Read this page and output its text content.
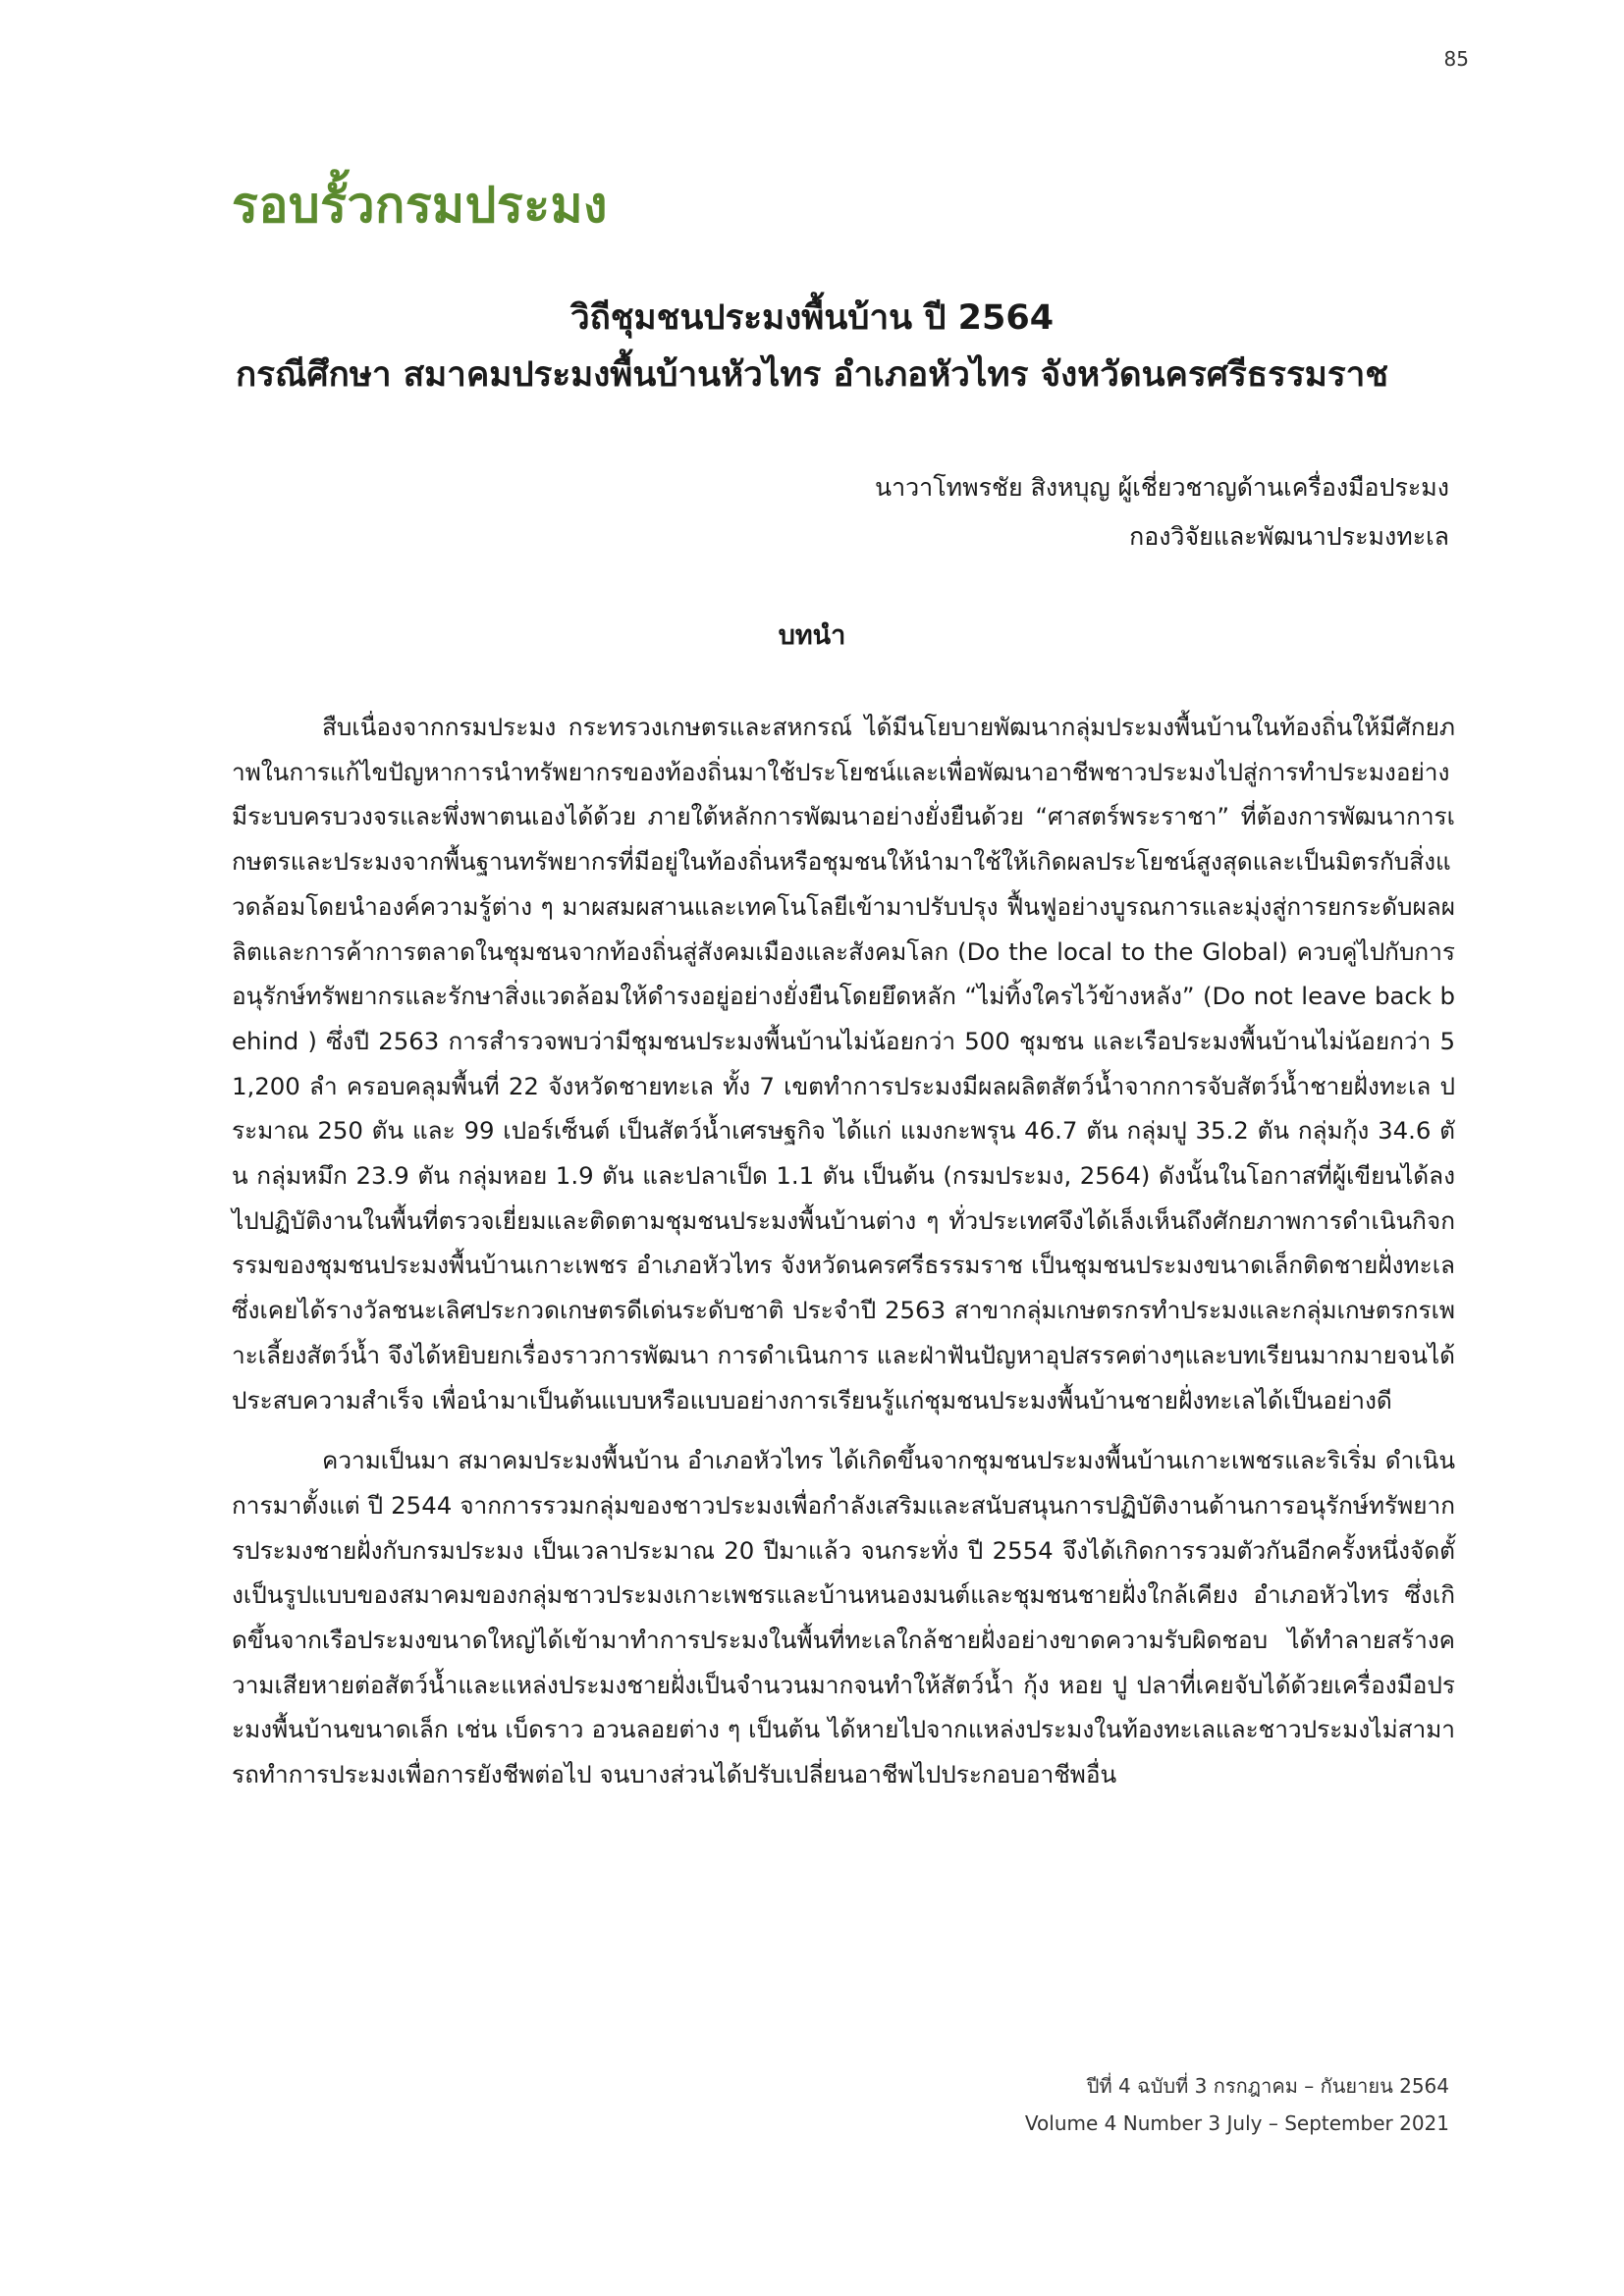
85
รอบรั้วกรมประมง
วิถีชุมชนประมงพื้นบ้าน ปี 2564
กรณีศึกษา สมาคมประมงพื้นบ้านหัวไทร อำเภอหัวไทร จังหวัดนครศรีธรรมราช
นาวาโทพรชัย สิงหบุญ ผู้เชี่ยวชาญด้านเครื่องมือประมง
กองวิจัยและพัฒนาประมงทะเล
บทนำ

สืบเนื่องจากกรมประมง กระทรวงเกษตรและสหกรณ์ ได้มีนโยบายพัฒนากลุ่มประมงพื้นบ้านในท้องถิ่นให้มีศักยภาพในการแก้ไขปัญหาการนำทรัพยากรของท้องถิ่นมาใช้ประโยชน์และเพื่อพัฒนาอาชีพชาวประมงไปสู่การทำประมงอย่างมีระบบครบวงจรและพึ่งพาตนเองได้ด้วย ภายใต้หลักการพัฒนาอย่างยั่งยืนด้วย “ศาสตร์พระราชา” ที่ต้องการพัฒนาการเกษตรและประมงจากพื้นฐานทรัพยากรที่มีอยู่ในท้องถิ่นหรือชุมชนให้นำมาใช้ให้เกิดผลประโยชน์สูงสุดและเป็นมิตรกับสิ่งแวดล้อมโดยนำองค์ความรู้ต่าง ๆ มาผสมผสานและเทคโนโลยีเข้ามาปรับปรุง ฟื้นฟูอย่างบูรณการและมุ่งสู่การยกระดับผลผลิตและการค้าการตลาดในชุมชนจากท้องถิ่นสู่สังคมเมืองและสังคมโลก (Do the local to the Global) ควบคู่ไปกับการอนุรักษ์ทรัพยากรและรักษาสิ่งแวดล้อมให้ดำรงอยู่อย่างยั่งยืนโดยยึดหลัก “ไม่ทิ้งใครไว้ข้างหลัง” (Do not leave back behind ) ซึ่งปี 2563 การสำรวจพบว่ามีชุมชนประมงพื้นบ้านไม่น้อยกว่า 500 ชุมชน และเรือประมงพื้นบ้านไม่น้อยกว่า 51,200 ลำ ครอบคลุมพื้นที่ 22 จังหวัดชายทะเล ทั้ง 7 เขตทำการประมงมีผลผลิตสัตว์น้ำจากการจับสัตว์น้ำชายฝั่งทะเล ประมาณ 250 ตัน และ 99 เปอร์เซ็นต์ เป็นสัตว์น้ำเศรษฐกิจ ได้แก่ แมงกะพรุน 46.7 ตัน กลุ่มปู 35.2 ตัน กลุ่มกุ้ง 34.6 ตัน กลุ่มหมึก 23.9 ตัน กลุ่มหอย 1.9 ตัน และปลาเป็ด 1.1 ตัน เป็นต้น (กรมประมง, 2564) ดังนั้นในโอกาสที่ผู้เขียนได้ลงไปปฏิบัติงานในพื้นที่ตรวจเยี่ยมและติดตามชุมชนประมงพื้นบ้านต่าง ๆ ทั่วประเทศจึงได้เล็งเห็นถึงศักยภาพการดำเนินกิจกรรมของชุมชนประมงพื้นบ้านเกาะเพชร อำเภอหัวไทร จังหวัดนครศรีธรรมราช เป็นชุมชนประมงขนาดเล็กติดชายฝั่งทะเลซึ่งเคยได้รางวัลชนะเลิศประกวดเกษตรดีเด่นระดับชาติ ประจำปี 2563 สาขากลุ่มเกษตรกรทำประมงและกลุ่มเกษตรกรเพาะเลี้ยงสัตว์น้ำ จึงได้หยิบยกเรื่องราวการพัฒนา การดำเนินการ และฝ่าฟันปัญหาอุปสรรคต่างๆและบทเรียนมากมายจนได้ประสบความสำเร็จ เพื่อนำมาเป็นต้นแบบหรือแบบอย่างการเรียนรู้แก่ชุมชนประมงพื้นบ้านชายฝั่งทะเลได้เป็นอย่างดี

ความเป็นมา สมาคมประมงพื้นบ้าน อำเภอหัวไทร ได้เกิดขึ้นจากชุมชนประมงพื้นบ้านเกาะเพชรและริเริ่ม ดำเนินการมาตั้งแต่ ปี 2544 จากการรวมกลุ่มของชาวประมงเพื่อกำลังเสริมและสนับสนุนการปฏิบัติงานด้านการอนุรักษ์ทรัพยากรประมงชายฝั่งกับกรมประมง เป็นเวลาประมาณ 20 ปีมาแล้ว จนกระทั่ง ปี 2554 จึงได้เกิดการรวมตัวกันอีกครั้งหนึ่งจัดตั้งเป็นรูปแบบของสมาคมของกลุ่มชาวประมงเกาะเพชรและบ้านหนองมนต์และชุมชนชายฝั่งใกล้เคียง อำเภอหัวไทร ซึ่งเกิดขึ้นจากเรือประมงขนาดใหญ่ได้เข้ามาทำการประมงในพื้นที่ทะเลใกล้ชายฝั่งอย่างขาดความรับผิดชอบ ได้ทำลายสร้างความเสียหายต่อสัตว์น้ำและแหล่งประมงชายฝั่งเป็นจำนวนมากจนทำให้สัตว์น้ำ กุ้ง หอย ปู ปลาที่เคยจับได้ด้วยเครื่องมือประมงพื้นบ้านขนาดเล็ก เช่น เบ็ดราว อวนลอยต่าง ๆ เป็นต้น ได้หายไปจากแหล่งประมงในท้องทะเลและชาวประมงไม่สามารถทำการประมงเพื่อการยังชีพต่อไป จนบางส่วนได้ปรับเปลี่ยนอาชีพไปประกอบอาชีพอื่น

ปีที่ 4 ฉบับที่ 3 กรกฎาคม – กันยายน 2564
Volume 4 Number 3 July – September 2021
